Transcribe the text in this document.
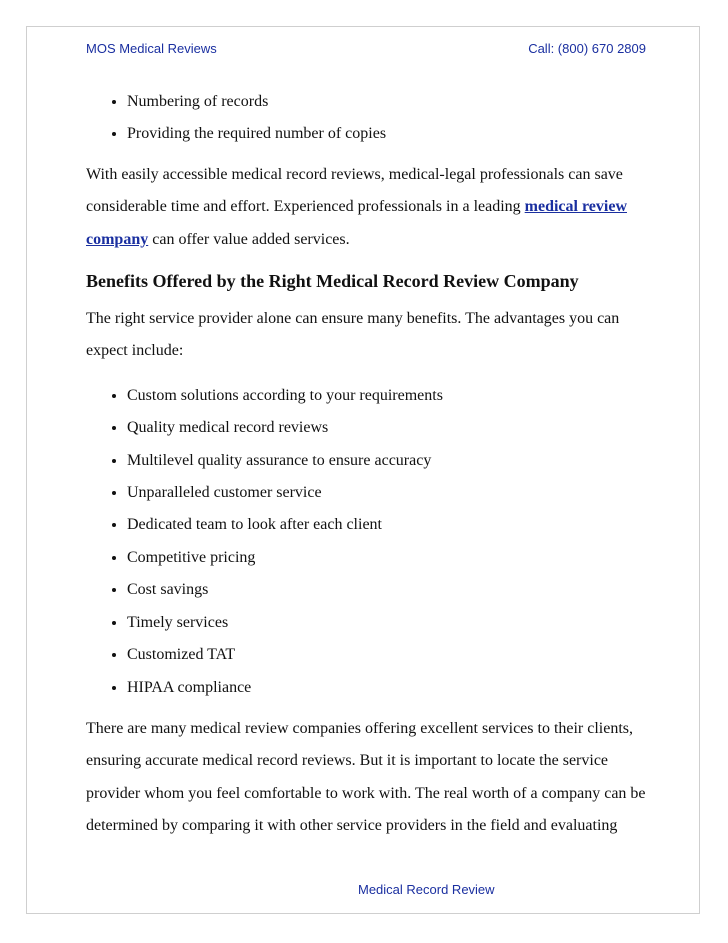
MOS Medical Reviews	Call: (800) 670 2809
• Numbering of records
• Providing the required number of copies

With easily accessible medical record reviews, medical-legal professionals can save considerable time and effort. Experienced professionals in a leading medical review company can offer value added services.

Benefits Offered by the Right Medical Record Review Company

The right service provider alone can ensure many benefits. The advantages you can expect include:

• Custom solutions according to your requirements
• Quality medical record reviews
• Multilevel quality assurance to ensure accuracy
• Unparalleled customer service
• Dedicated team to look after each client
• Competitive pricing
• Cost savings
• Timely services
• Customized TAT
• HIPAA compliance

There are many medical review companies offering excellent services to their clients, ensuring accurate medical record reviews. But it is important to locate the service provider whom you feel comfortable to work with. The real worth of a company can be determined by comparing it with other service providers in the field and evaluating

Medical Record Review
